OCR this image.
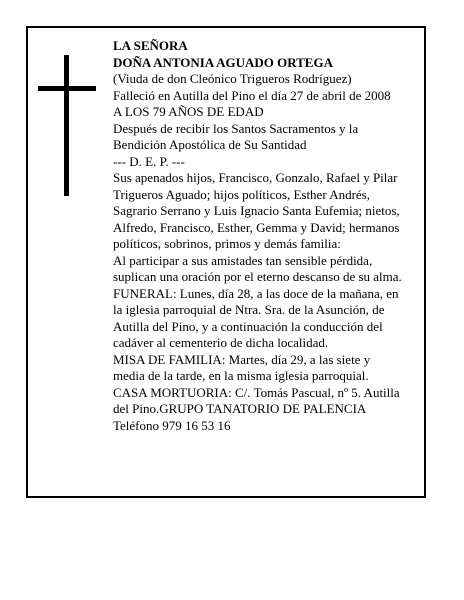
LA SEÑORA
DOÑA ANTONIA AGUADO ORTEGA
(Viuda de don Cleónico Trigueros Rodríguez)
Falleció en Autilla del Pino el día 27 de abril de 2008
A LOS 79 AÑOS DE EDAD
Después de recibir los Santos Sacramentos y la
Bendición Apostólica de Su Santidad
--- D. E. P. ---
Sus apenados hijos, Francisco, Gonzalo, Rafael y Pilar
Trigueros Aguado; hijos políticos, Esther Andrés,
Sagrario Serrano y Luis Ignacio Santa Eufemia; nietos,
Alfredo, Francisco, Esther, Gemma y David; hermanos
políticos, sobrinos, primos y demás familia:
Al participar a sus amistades tan sensible pérdida,
suplican una oración por el eterno descanso de su alma.
FUNERAL: Lunes, día 28, a las doce de la mañana, en
la iglesia parroquial de Ntra. Sra. de la Asunción, de
Autilla del Pino, y a continuación la conducción del
cadáver al cementerio de dicha localidad.
MISA DE FAMILIA: Martes, día 29, a las siete y
media de la tarde, en la misma iglesia parroquial.
CASA MORTUORIA: C/. Tomás Pascual, nº 5. Autilla
del Pino.GRUPO TANATORIO DE PALENCIA
Teléfono 979 16 53 16
